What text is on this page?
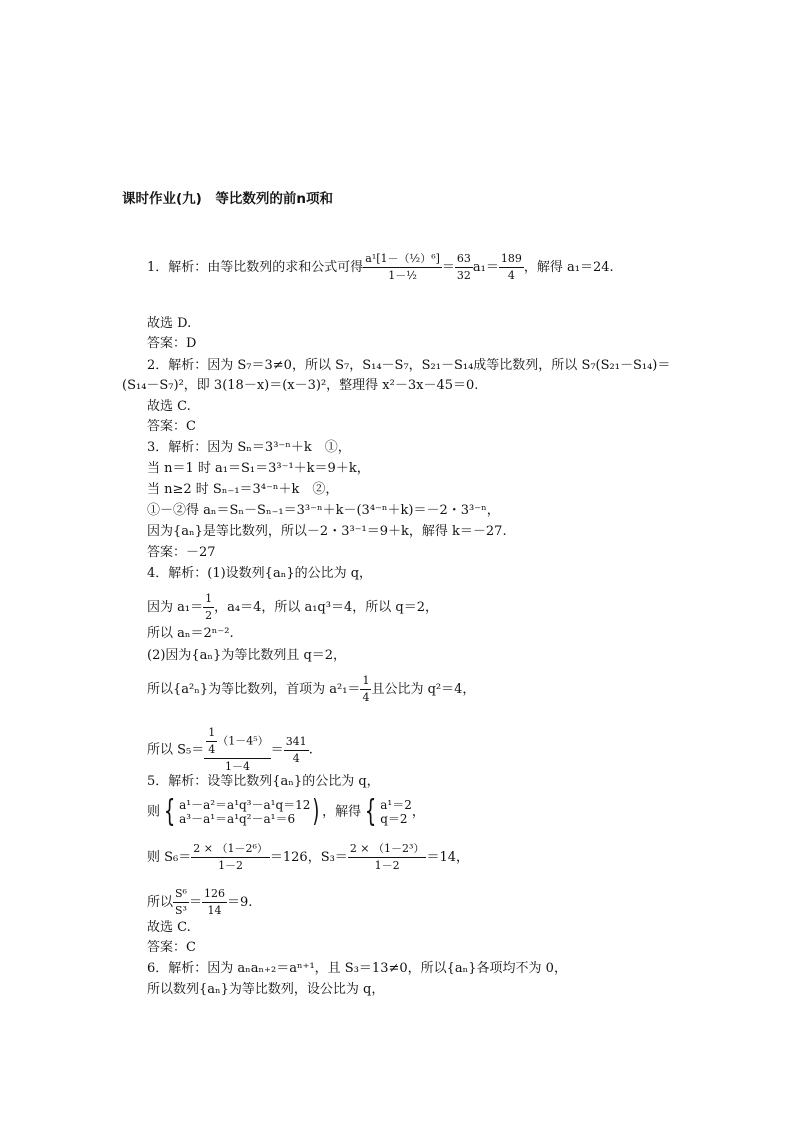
课时作业(九)　等比数列的前n项和
1．解析：由等比数列的求和公式可得 $\frac{\text{a¹[1－（½）⁶]}}{\text{1－½}} = \frac{63}{32} a_1= \frac{189}{4}$ ，解得 a₁＝24.
故选 D.
答案：D
2．解析：因为 S₇＝3≠0，所以 S₇，S₁₄－S₇，S₂₁－S₁₄成等比数列，所以 S₇(S₂₁－S₁₄)＝
(S₁₄－S₇)²，即 3(18－x)＝(x－3)²，整理得 x²－3x－45＝0.
故选 C.
答案：C
3．解析：因为 Sₙ＝3³⁻ⁿ＋k　①，
当 n＝1 时 a₁＝S₁＝3³⁻¹＋k＝9＋k，
当 n≥2 时 Sₙ₋₁＝3⁴⁻ⁿ＋k　②，
①－②得 aₙ＝Sₙ－Sₙ₋₁＝3³⁻ⁿ＋k－(3⁴⁻ⁿ＋k)＝－2・3³⁻ⁿ，
因为{aₙ}是等比数列，所以－2・3³⁻¹＝9＋k，解得 k＝－27.
答案：－27
4．解析：(1)设数列{aₙ}的公比为 q，
因为 $a_1= \frac{1}{2}$ ，a₄＝4，所以 a₁q³＝4，所以 q＝2，
所以 aₙ＝2ⁿ⁻².
(2)因为{aₙ}为等比数列且 q＝2，
所以{a²ₙ}为等比数列，首项为 $a^2_1= \frac{1}{4}$ 且公比为 q²＝4，
所以 $S_5= \frac{\frac{1}{4} (1-4^5)}{1-4} = \frac{341}{4}$ .
5．解析：设等比数列{aₙ}的公比为 q，
则 { a¹－a²＝a¹q³－a¹q＝12
a³－a¹＝a¹q²－a¹＝6 ) ，解得 { a¹＝2
q＝2 ，
则 $S_6= \frac{\text{2 × （1－2⁶）}}{1-2} =126$，$S_3= \frac{\text{2 × （1－2³）}}{1-2} =14$，
所以 $\frac{\text{S⁶}}{\text{S³}} = \frac{126}{14} =9$.
故选 C.
答案：C
6．解析：因为 aₙaₙ₊₂＝aⁿ⁺¹，且 S₃＝13≠0，所以{aₙ}各项均不为 0，
所以数列{aₙ}为等比数列，设公比为 q，
